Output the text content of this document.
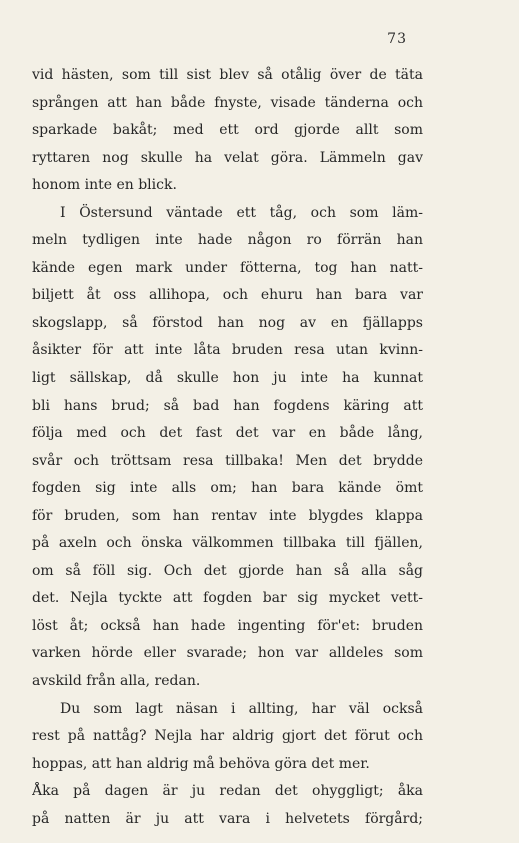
73
vid hästen, som till sist blev så otålig över de täta
sprången att han både fnyste, visade tänderna och
sparkade bakåt; med ett ord gjorde allt som
ryttaren nog skulle ha velat göra. Lämmeln gav
honom inte en blick.
I Östersund väntade ett tåg, och som läm-
meln tydligen inte hade någon ro förrän han
kände egen mark under fötterna, tog han natt-
biljett åt oss allihopa, och ehuru han bara var
skogslapp, så förstod han nog av en fjällapps
åsikter för att inte låta bruden resa utan kvinn-
ligt sällskap, då skulle hon ju inte ha kunnat
bli hans brud; så bad han fogdens käring att
följa med och det fast det var en både lång,
svår och tröttsam resa tillbaka! Men det brydde
fogden sig inte alls om; han bara kände ömt
för bruden, som han rentav inte blygdes klappa
på axeln och önska välkommen tillbaka till fjällen,
om så föll sig. Och det gjorde han så alla såg
det. Nejla tyckte att fogden bar sig mycket vett-
löst åt; också han hade ingenting för'et: bruden
varken hörde eller svarade; hon var alldeles som
avskild från alla, redan.
Du som lagt näsan i allting, har väl också
rest på nattåg? Nejla har aldrig gjort det förut och
hoppas, att han aldrig må behöva göra det mer.
Åka på dagen är ju redan det ohyggligt; åka
på natten är ju att vara i helvetets förgård;
